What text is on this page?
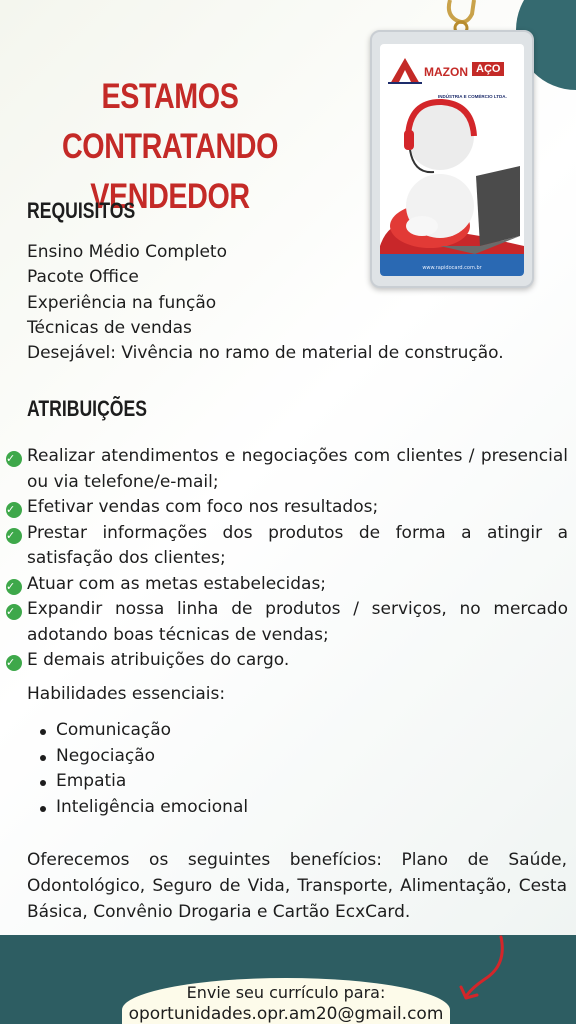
ESTAMOS CONTRATANDO
VENDEDOR
MAZON AÇO
INDÚSTRIA E COMÉRCIO LTDA.
www.rapidocard.com.br
REQUISITOS
Ensino Médio Completo
Pacote Office
Experiência na função
Técnicas de vendas
Desejável: Vivência no ramo de material de construção.
ATRIBUIÇÕES
✓ Realizar atendimentos e negociações com clientes / presencial ou via telefone/e-mail;
✓ Efetivar vendas com foco nos resultados;
✓ Prestar informações dos produtos de forma a atingir a satisfação dos clientes;
✓ Atuar com as metas estabelecidas;
✓ Expandir nossa linha de produtos / serviços, no mercado adotando boas técnicas de vendas;
✓ E demais atribuições do cargo.
Habilidades essenciais:
Comunicação
Negociação
Empatia
Inteligência emocional

Oferecemos os seguintes benefícios: Plano de Saúde, Odontológico, Seguro de Vida, Transporte, Alimentação, Cesta Básica, Convênio Drogaria e Cartão EcxCard.

Envie seu currículo para:
oportunidades.opr.am20@gmail.com
